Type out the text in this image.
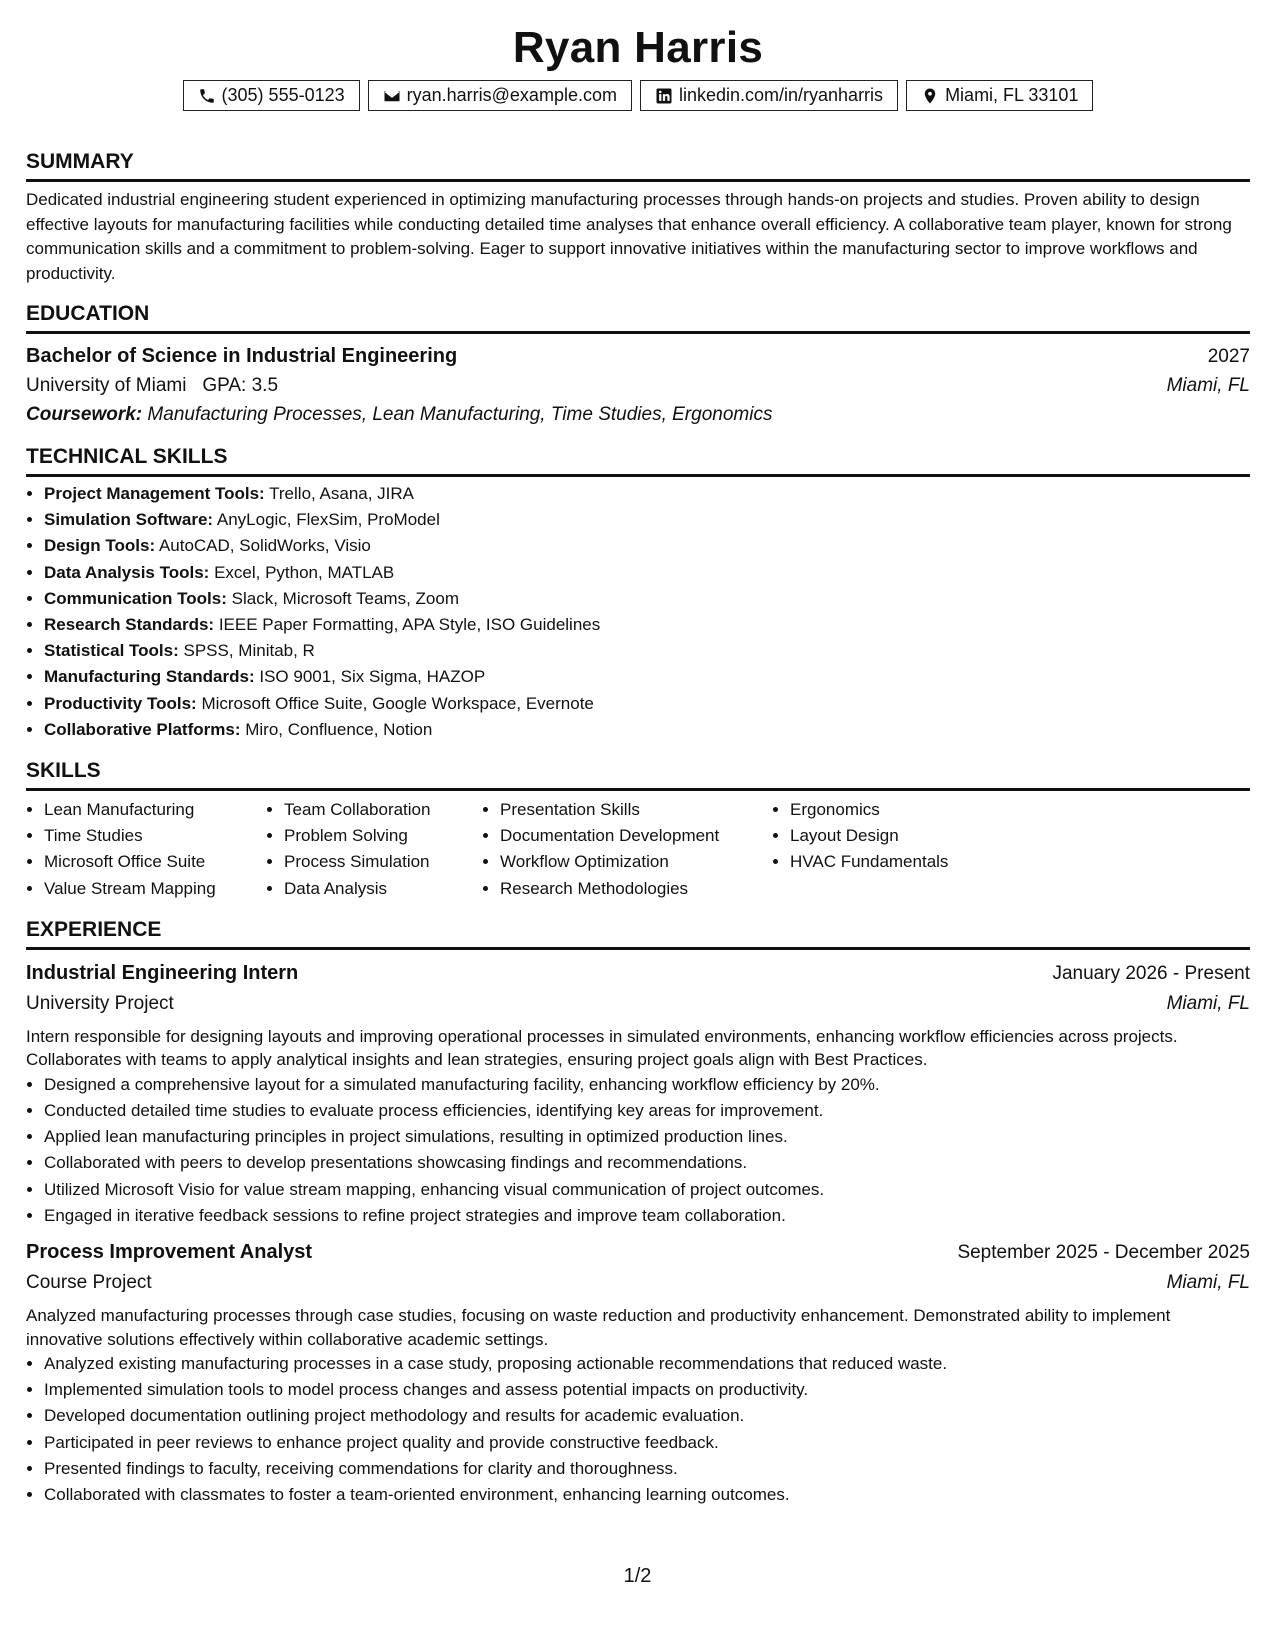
Ryan Harris
(305) 555-0123	ryan.harris@example.com	linkedin.com/in/ryanharris	Miami, FL 33101
SUMMARY

Dedicated industrial engineering student experienced in optimizing manufacturing processes through hands-on projects and studies. Proven ability to design effective layouts for manufacturing facilities while conducting detailed time analyses that enhance overall efficiency. A collaborative team player, known for strong communication skills and a commitment to problem-solving. Eager to support innovative initiatives within the manufacturing sector to improve workflows and productivity.

EDUCATION
Bachelor of Science in Industrial Engineering	2027
University of Miami GPA: 3.5	Miami, FL
Coursework: Manufacturing Processes, Lean Manufacturing, Time Studies, Ergonomics
TECHNICAL SKILLS
• Project Management Tools: Trello, Asana, JIRA
• Simulation Software: AnyLogic, FlexSim, ProModel
• Design Tools: AutoCAD, SolidWorks, Visio
• Data Analysis Tools: Excel, Python, MATLAB
• Communication Tools: Slack, Microsoft Teams, Zoom
• Research Standards: IEEE Paper Formatting, APA Style, ISO Guidelines
• Statistical Tools: SPSS, Minitab, R
• Manufacturing Standards: ISO 9001, Six Sigma, HAZOP
• Productivity Tools: Microsoft Office Suite, Google Workspace, Evernote
• Collaborative Platforms: Miro, Confluence, Notion
SKILLS
• Lean Manufacturing
• Time Studies
• Microsoft Office Suite
• Value Stream Mapping
• Team Collaboration
• Problem Solving
• Process Simulation
• Data Analysis
• Presentation Skills
• Documentation Development
• Workflow Optimization
• Research Methodologies
• Ergonomics
• Layout Design
• HVAC Fundamentals
EXPERIENCE
Industrial Engineering Intern	January 2026 - Present
University Project	Miami, FL

Intern responsible for designing layouts and improving operational processes in simulated environments, enhancing workflow efficiencies across projects. Collaborates with teams to apply analytical insights and lean strategies, ensuring project goals align with Best Practices.

• Designed a comprehensive layout for a simulated manufacturing facility, enhancing workflow efficiency by 20%.
• Conducted detailed time studies to evaluate process efficiencies, identifying key areas for improvement.
• Applied lean manufacturing principles in project simulations, resulting in optimized production lines.
• Collaborated with peers to develop presentations showcasing findings and recommendations.
• Utilized Microsoft Visio for value stream mapping, enhancing visual communication of project outcomes.
• Engaged in iterative feedback sessions to refine project strategies and improve team collaboration.
Process Improvement Analyst	September 2025 - December 2025
Course Project	Miami, FL

Analyzed manufacturing processes through case studies, focusing on waste reduction and productivity enhancement. Demonstrated ability to implement innovative solutions effectively within collaborative academic settings.

• Analyzed existing manufacturing processes in a case study, proposing actionable recommendations that reduced waste.
• Implemented simulation tools to model process changes and assess potential impacts on productivity.
• Developed documentation outlining project methodology and results for academic evaluation.
• Participated in peer reviews to enhance project quality and provide constructive feedback.
• Presented findings to faculty, receiving commendations for clarity and thoroughness.
• Collaborated with classmates to foster a team-oriented environment, enhancing learning outcomes.
1/2
